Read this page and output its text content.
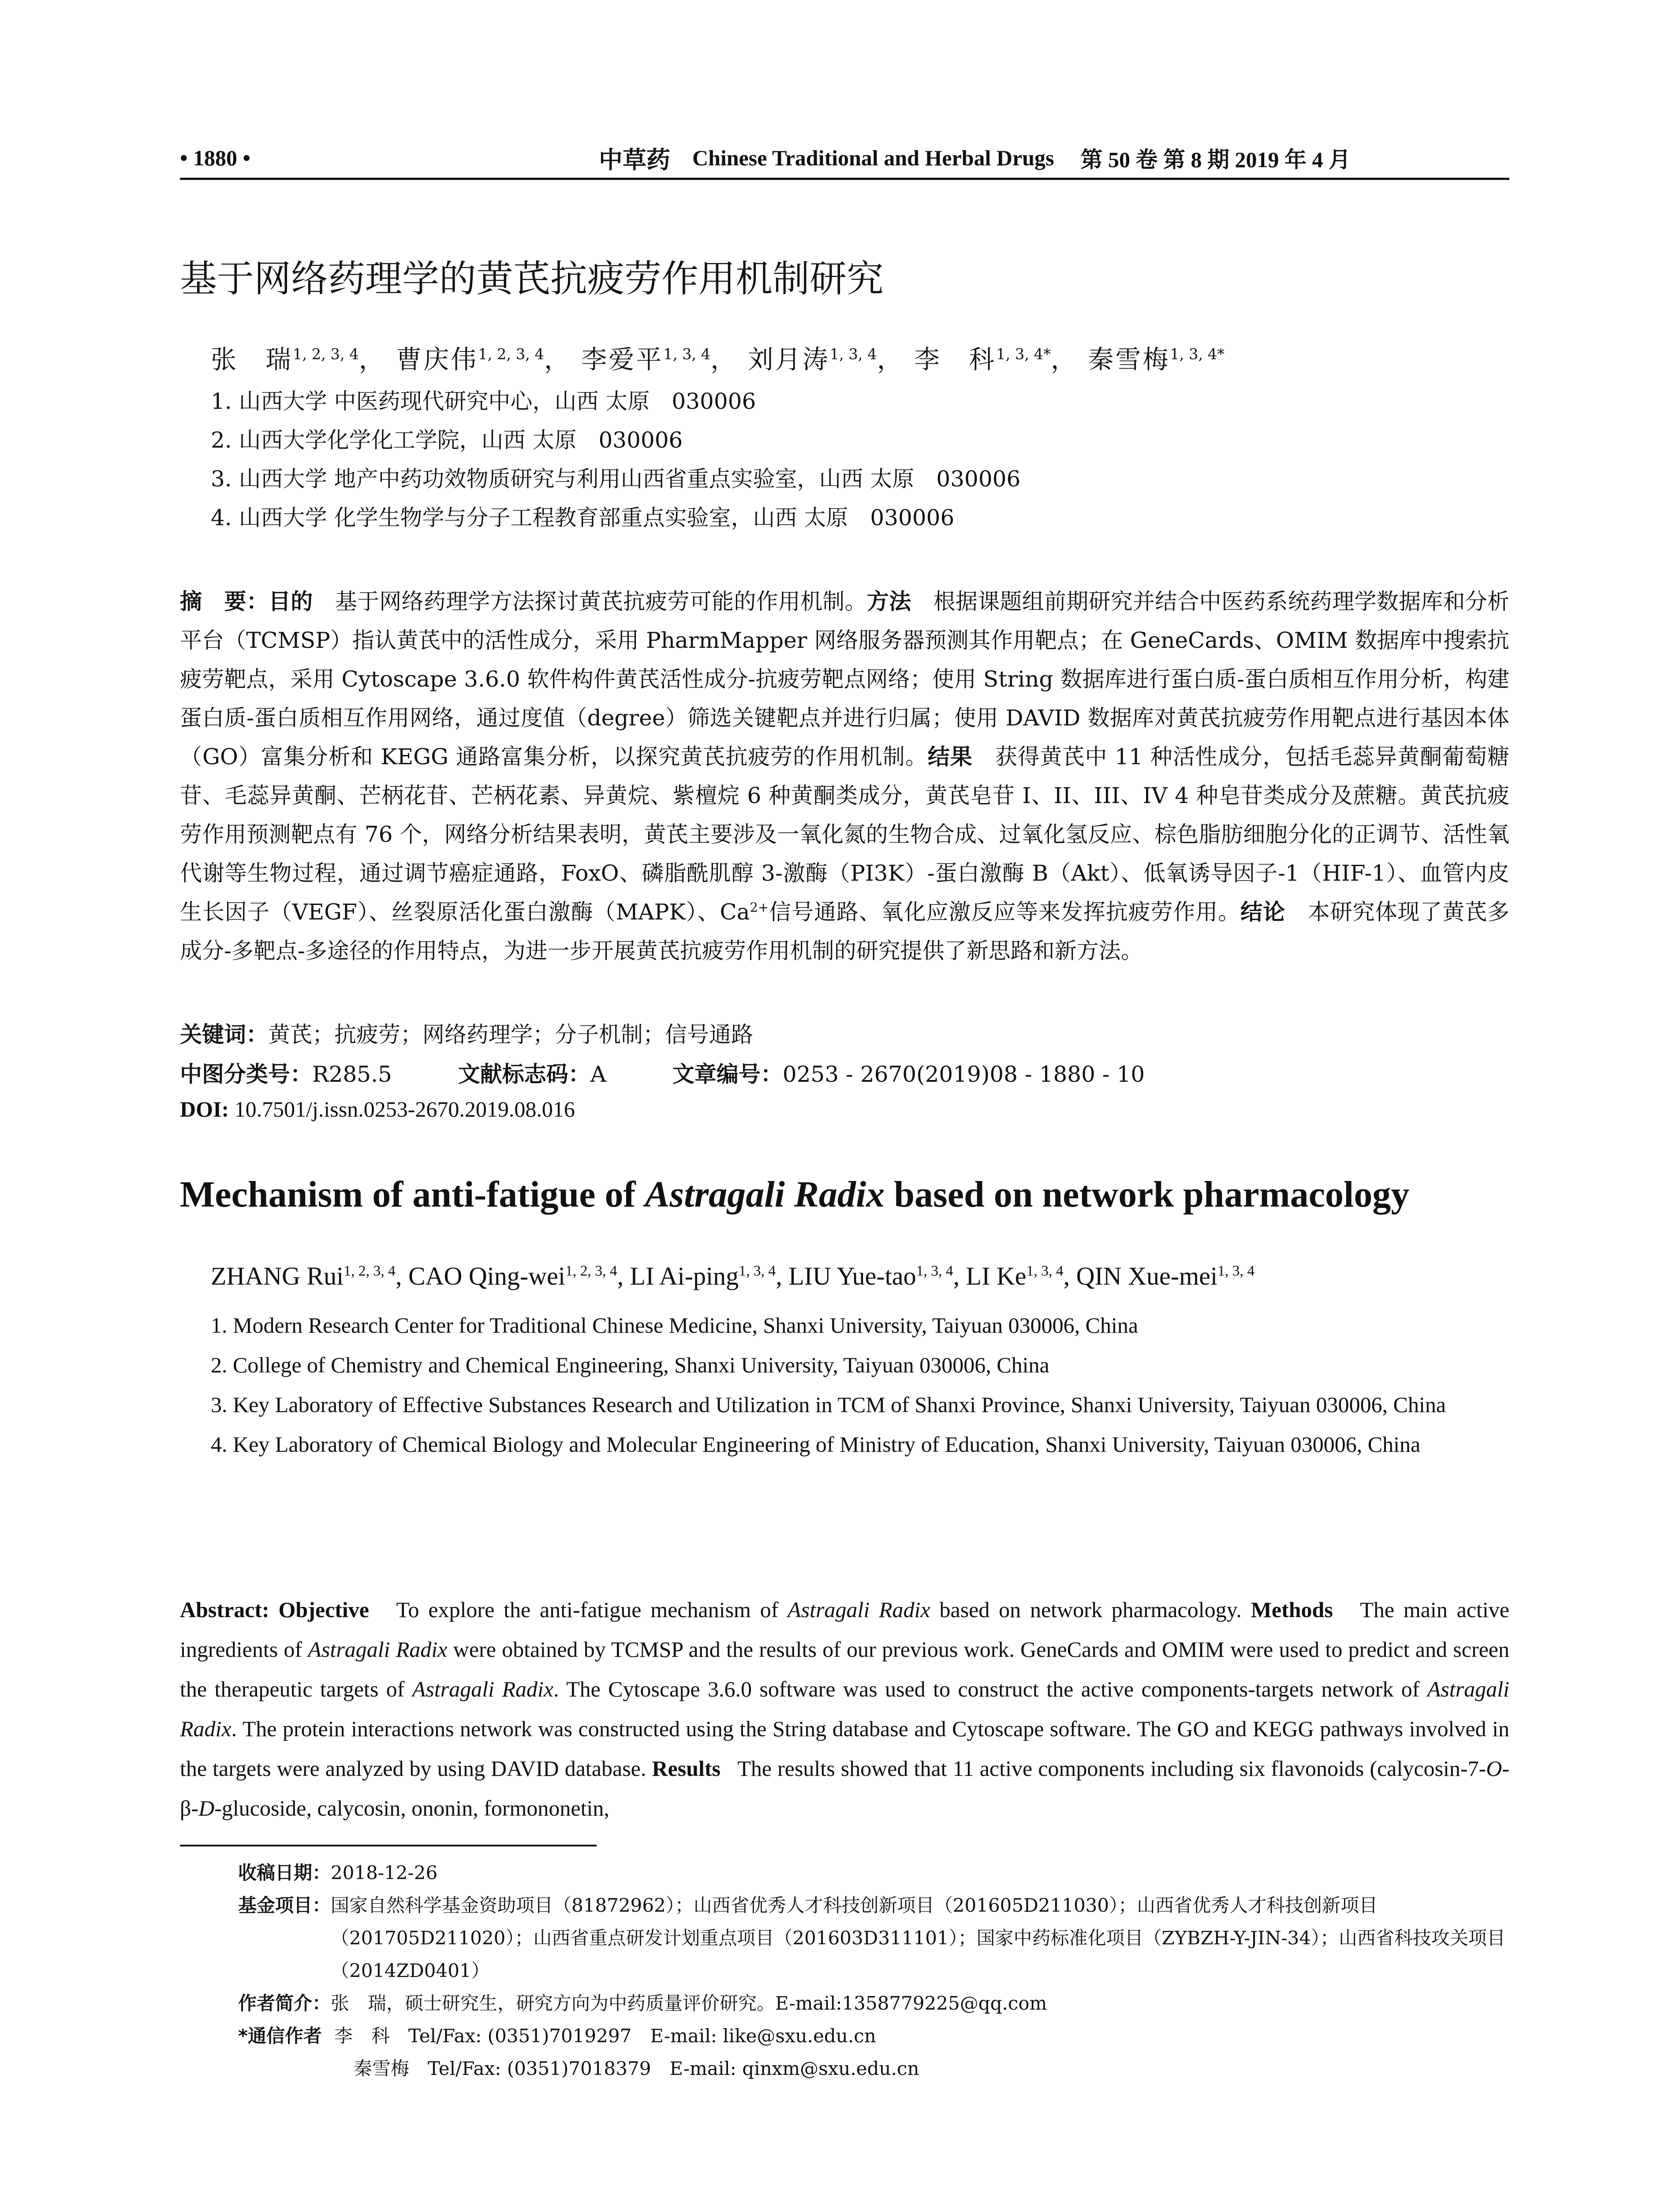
• 1880 •	中草药 Chinese Traditional and Herbal Drugs 第 50 卷 第 8 期 2019 年 4 月
基于网络药理学的黄芪抗疲劳作用机制研究
张　瑞$^{1, 2, 3, 4}$， 曹庆伟$^{1, 2, 3, 4}$， 李爱平$^{1, 3, 4}$， 刘月涛$^{1, 3, 4}$， 李　科$^{1, 3, 4*}$， 秦雪梅$^{1, 3, 4*}$
1. 山西大学 中医药现代研究中心，山西 太原　030006
2. 山西大学化学化工学院，山西 太原　030006
3. 山西大学 地产中药功效物质研究与利用山西省重点实验室，山西 太原　030006
4. 山西大学 化学生物学与分子工程教育部重点实验室，山西 太原　030006
摘　要：目的　 基于网络药理学方法探讨黄芪抗疲劳可能的作用机制。方法　 根据课题组前期研究并结合中医药系统药理学数据库和分析平台（TCMSP）指认黄芪中的活性成分，采用 PharmMapper 网络服务器预测其作用靶点；在 GeneCards、OMIM 数据库中搜索抗疲劳靶点，采用 Cytoscape 3.6.0 软件构件黄芪活性成分-抗疲劳靶点网络；使用 String 数据库进行蛋白质-蛋白质相互作用分析，构建蛋白质-蛋白质相互作用网络，通过度值（degree）筛选关键靶点并进行归属；使用 DAVID 数据库对黄芪抗疲劳作用靶点进行基因本体（GO）富集分析和 KEGG 通路富集分析，以探究黄芪抗疲劳的作用机制。结果　 获得黄芪中 11 种活性成分，包括毛蕊异黄酮葡萄糖苷、毛蕊异黄酮、芒柄花苷、芒柄花素、异黄烷、紫檀烷 6 种黄酮类成分，黄芪皂苷 I、II、III、IV 4 种皂苷类成分及蔗糖。黄芪抗疲劳作用预测靶点有 76 个，网络分析结果表明，黄芪主要涉及一氧化氮的生物合成、过氧化氢反应、棕色脂肪细胞分化的正调节、活性氧代谢等生物过程，通过调节癌症通路，FoxO、磷脂酰肌醇 3-激酶（PI3K）-蛋白激酶 B（Akt）、低氧诱导因子-1（HIF-1）、血管内皮生长因子（VEGF）、丝裂原活化蛋白激酶（MAPK）、$Ca^{2+}$信号通路、氧化应激反应等来发挥抗疲劳作用。结论　 本研究体现了黄芪多成分-多靶点-多途径的作用特点，为进一步开展黄芪抗疲劳作用机制的研究提供了新思路和新方法。
关键词：黄芪；抗疲劳；网络药理学；分子机制；信号通路
中图分类号：R285.5	文献标志码：A	文章编号：0253 - 2670(2019)08 - 1880 - 10
DOI: 10.7501/j.issn.0253-2670.2019.08.016
Mechanism of anti-fatigue of Astragali Radix based on network pharmacology
ZHANG Rui$^{1, 2, 3, 4}$, CAO Qing-wei$^{1, 2, 3, 4}$, LI Ai-ping$^{1, 3, 4}$, LIU Yue-tao$^{1, 3, 4}$, LI Ke$^{1, 3, 4}$, QIN Xue-mei$^{1, 3, 4}$
1. Modern Research Center for Traditional Chinese Medicine, Shanxi University, Taiyuan 030006, China
2. College of Chemistry and Chemical Engineering, Shanxi University, Taiyuan 030006, China
3. Key Laboratory of Effective Substances Research and Utilization in TCM of Shanxi Province, Shanxi University, Taiyuan 030006, China
4. Key Laboratory of Chemical Biology and Molecular Engineering of Ministry of Education, Shanxi University, Taiyuan 030006, China
Abstract: Objective To explore the anti-fatigue mechanism of Astragali Radix based on network pharmacology. Methods The main active ingredients of Astragali Radix were obtained by TCMSP and the results of our previous work. GeneCards and OMIM were used to predict and screen the therapeutic targets of Astragali Radix. The Cytoscape 3.6.0 software was used to construct the active components-targets network of Astragali Radix. The protein interactions network was constructed using the String database and Cytoscape software. The GO and KEGG pathways involved in the targets were analyzed by using DAVID database. Results The results showed that 11 active components including six flavonoids (calycosin-7-O-β-D-glucoside, calycosin, ononin, formononetin,
收稿日期： 2018-12-26
基金项目： 国家自然科学基金资助项目（81872962）；山西省优秀人才科技创新项目（201605D211030）；山西省优秀人才科技创新项目（201705D211020）；山西省重点研发计划重点项目（201603D311101）；国家中药标准化项目（ZYBZH-Y-JIN-34）；山西省科技攻关项目（2014ZD0401）
作者简介： 张　瑞，硕士研究生，研究方向为中药质量评价研究。E-mail:1358779225@qq.com
*通信作者 李　科　Tel/Fax: (0351)7019297　E-mail: like@sxu.edu.cn
秦雪梅　Tel/Fax: (0351)7018379　E-mail: qinxm@sxu.edu.cn
